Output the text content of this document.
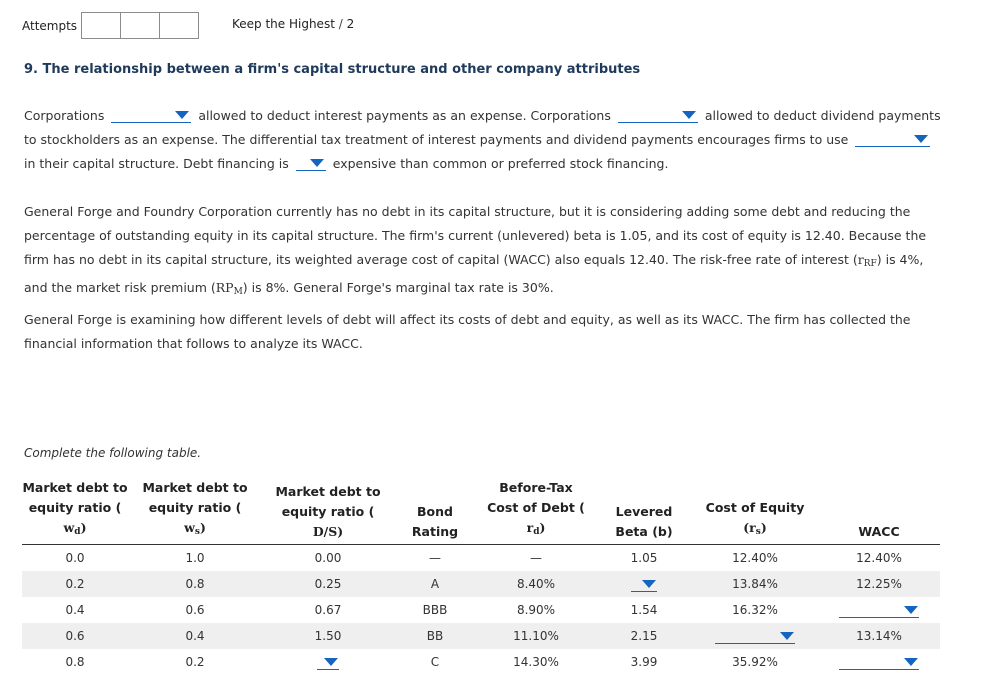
Attempts	Keep the Highest / 2
9. The relationship between a firm's capital structure and other company attributes
Corporations	allowed to deduct interest payments as an expense. Corporations	allowed to deduct dividend payments to stockholders as an expense. The differential tax treatment of interest payments and dividend payments encourages firms to use
in their capital structure. Debt financing is	expensive than common or preferred stock financing.
General Forge and Foundry Corporation currently has no debt in its capital structure, but it is considering adding some debt and reducing the percentage of outstanding equity in its capital structure. The firm's current (unlevered) beta is 1.05, and its cost of equity is 12.40. Because the firm has no debt in its capital structure, its weighted average cost of capital (WACC) also equals 12.40. The risk-free rate of interest $(r_{RF})$ is 4%, and the market risk premium $(RP_M)$ is 8%. General Forge's marginal tax rate is 30%.
General Forge is examining how different levels of debt will affect its costs of debt and equity, as well as its WACC. The firm has collected the financial information that follows to analyze its WACC.
Complete the following table.
Market debt to
equity ratio (
$w_d$)	Market debt to
equity ratio (
$w_s$)	Market debt to
equity ratio (
D/S)	Bond
Rating	Before-Tax
Cost of Debt (
$r_d$)	Levered
Beta (b)	Cost of Equity
$(r_s)$	WACC
0.0	1.0	0.00	—	—	1.05	12.40%	12.40%
0.2	0.8	0.25	A	8.40%		13.84%	12.25%
0.4	0.6	0.67	BBB	8.90%	1.54	16.32%	

0.6	0.4	1.50	BB	11.10%	2.15		13.14%
0.8	0.2		C	14.30%	3.99	35.92%	
